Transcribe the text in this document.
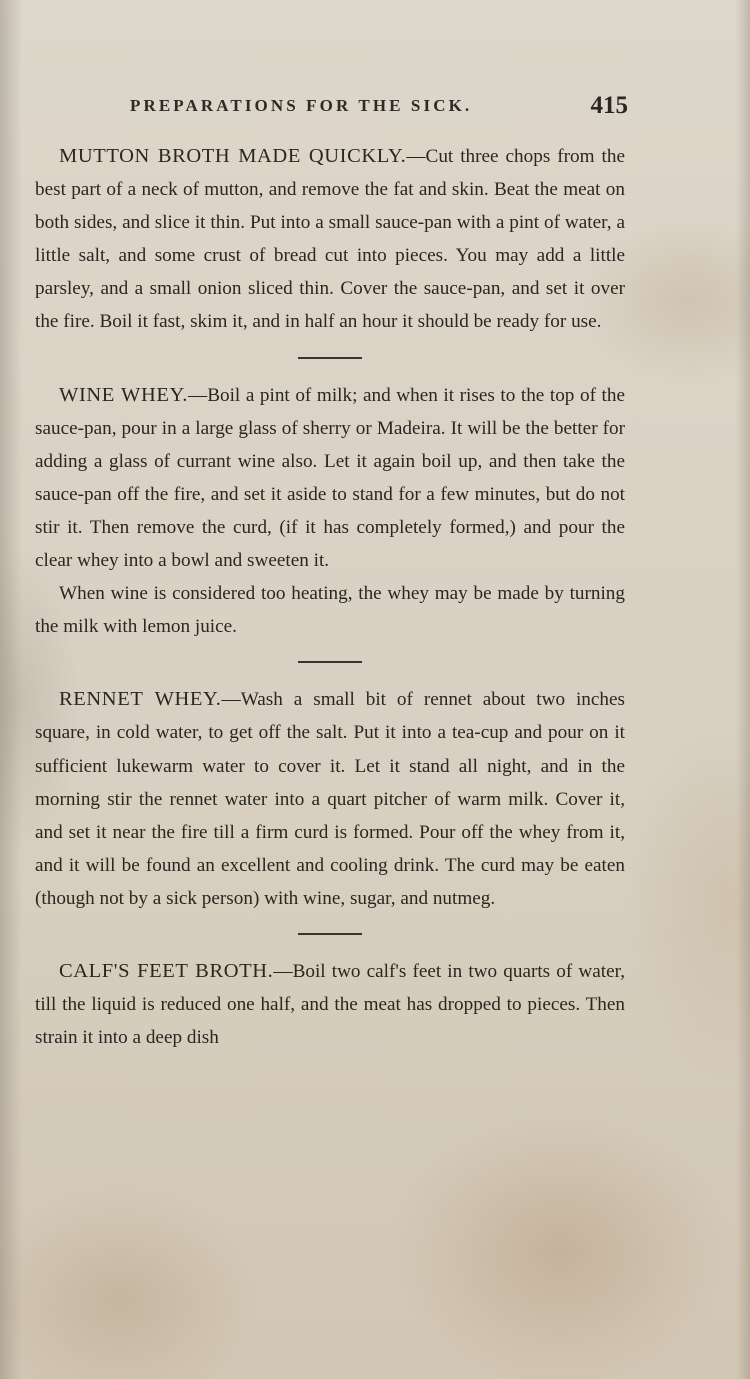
PREPARATIONS FOR THE SICK.	415

MUTTON BROTH MADE QUICKLY.—Cut three chops from the best part of a neck of mutton, and remove the fat and skin. Beat the meat on both sides, and slice it thin. Put into a small sauce-pan with a pint of water, a little salt, and some crust of bread cut into pieces. You may add a little parsley, and a small onion sliced thin. Cover the sauce-pan, and set it over the fire. Boil it fast, skim it, and in half an hour it should be ready for use.

WINE WHEY.—Boil a pint of milk; and when it rises to the top of the sauce-pan, pour in a large glass of sherry or Madeira. It will be the better for adding a glass of currant wine also. Let it again boil up, and then take the sauce-pan off the fire, and set it aside to stand for a few minutes, but do not stir it. Then remove the curd, (if it has completely formed,) and pour the clear whey into a bowl and sweeten it.

When wine is considered too heating, the whey may be made by turning the milk with lemon juice.

RENNET WHEY.—Wash a small bit of rennet about two inches square, in cold water, to get off the salt. Put it into a tea-cup and pour on it sufficient lukewarm water to cover it. Let it stand all night, and in the morning stir the rennet water into a quart pitcher of warm milk. Cover it, and set it near the fire till a firm curd is formed. Pour off the whey from it, and it will be found an excellent and cooling drink. The curd may be eaten (though not by a sick person) with wine, sugar, and nutmeg.

CALF'S FEET BROTH.—Boil two calf's feet in two quarts of water, till the liquid is reduced one half, and the meat has dropped to pieces. Then strain it into a deep dish
